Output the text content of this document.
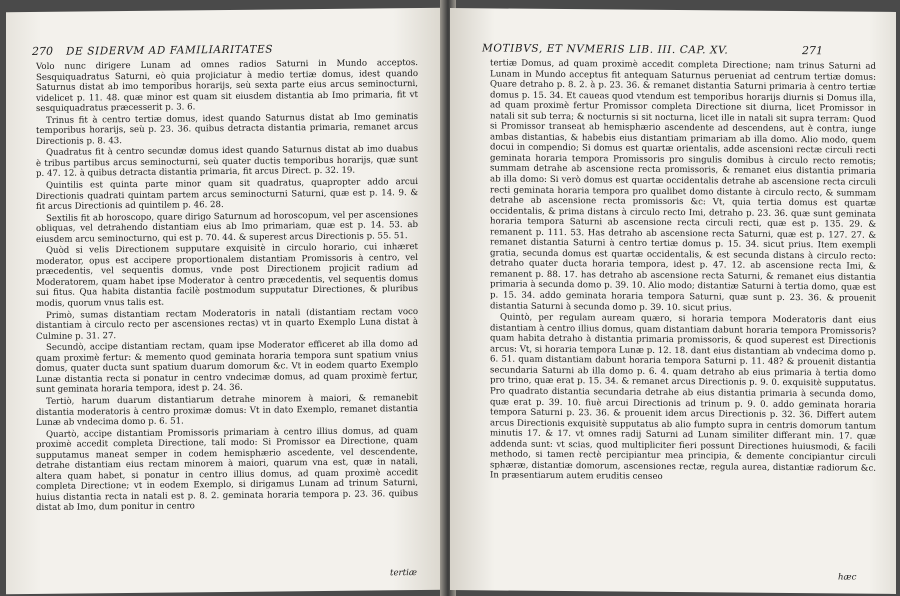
270 DE SIDERVM AD FAMILIARITATES

Volo nunc dirigere Lunam ad omnes radios Saturni in Mundo acceptos. Sesquiquadratus Saturni, eò quia projiciatur à medio tertiæ domus, idest quando Saturnus distat ab imo temporibus horarijs, seù sexta parte eius arcus seminocturni, videlicet p. 11. 48. quæ minor est quam sit eiusdem distantia ab Imo primaria, fit vt sesquiquadratus præcesserit p. 3. 6.

Trinus fit à centro tertiæ domus, idest quando Saturnus distat ab Imo geminatis temporibus horarijs, seù p. 23. 36. quibus detracta distantia primaria, remanet arcus Directionis p. 8. 43.

Quadratus fit à centro secundæ domus idest quando Saturnus distat ab imo duabus è tribus partibus arcus seminocturni, seù quater ductis temporibus horarijs, quæ sunt p. 47. 12. à quibus detracta distantia primaria, fit arcus Direct. p. 32. 19.

Quintilis est quinta parte minor quam sit quadratus, quapropter addo arcui Directionis quadrati quintam partem arcus seminocturni Saturni, quæ est p. 14. 9. & fit arcus Directionis ad quintilem p. 46. 28.

Sextilis fit ab horoscopo, quare dirigo Saturnum ad horoscopum, vel per ascensiones obliquas, vel detrahendo distantiam eius ab Imo primariam, quæ est p. 14. 53. ab eiusdem arcu seminocturno, qui est p. 70. 44. & superest arcus Directionis p. 55. 51.

Quòd si velis Directionem supputare exquisitè in circulo horario, cui inhæret moderator, opus est accipere proportionalem distantiam Promissoris à centro, vel præcedentis, vel sequentis domus, vnde post Directionem projicit radium ad Moderatorem, quam habet ipse Moderator à centro præcedentis, vel sequentis domus sui fitus. Qua habita distantia facilè postmodum supputatur Directiones, & pluribus modis, quorum vnus talis est.

Primò, sumas distantiam rectam Moderatoris in natali (distantiam rectam voco distantiam à circulo recto per ascensiones rectas) vt in quarto Exemplo Luna distat à Culmine p. 31. 27.

Secundò, accipe distantiam rectam, quam ipse Moderator efficeret ab illa domo ad quam proximè fertur: & memento quod geminata horaria tempora sunt spatium vnius domus, quater ducta sunt spatium duarum domorum &c. Vt in eodem quarto Exemplo Lunæ distantia recta si ponatur in centro vndecimæ domus, ad quam proximè fertur, sunt geminata horaria tempora, idest p. 24. 36.

Tertiò, harum duarum distantiarum detrahe minorem à maiori, & remanebit distantia moderatoris à centro proximæ domus: Vt in dato Exemplo, remanet distantia Lunæ ab vndecima domo p. 6. 51.

Quartò, accipe distantiam Promissoris primariam à centro illius domus, ad quam proximè accedit completa Directione, tali modo: Si Promissor ea Directione, quam supputamus maneat semper in codem hemisphærio ascedente, vel descendente, detrahe distantiam eius rectam minorem à maiori, quarum vna est, quæ in natali, altera quam habet, si ponatur in centro illius domus, ad quam proximè accedit completa Directione; vt in eodem Exemplo, si dirigamus Lunam ad trinum Saturni, huius distantia recta in natali est p. 8. 2. geminata horaria tempora p. 23. 36. quibus distat ab Imo, dum ponitur in centro

tertiæ
MOTIBVS, ET NVMERIS LIB. III. CAP. XV.	271

tertiæ Domus, ad quam proximè accedit completa Directione; nam trinus Saturni ad Lunam in Mundo acceptus fit antequam Saturnus perueniat ad centrum tertiæ domus: Quare detraho p. 8. 2. à p. 23. 36. & remanet distantia Saturni primaria à centro tertiæ domus p. 15. 34. Et caueas quod vtendum est temporibus horarijs diurnis si Domus illa, ad quam proximè fertur Promissor completa Directione sit diurna, licet Promissor in natali sit sub terra; & nocturnis si sit nocturna, licet ille in natali sit supra terram: Quod si Promissor transeat ab hemisphærio ascendente ad descendens, aut è contra, iunge ambas distantias, & habebis eius distantiam primariam ab illa domo. Alio modo, quem docui in compendio; Si domus est quartæ orientalis, adde ascensioni rectæ circuli recti geminata horaria tempora Promissoris pro singulis domibus à circulo recto remotis; summam detrahe ab ascensione recta promissoris, & remanet eius distantia primaria ab illa domo: Si verò domus est quartæ occidentalis detrahe ab ascensione recta circuli recti geminata horaria tempora pro qualibet domo distante à circulo recto, & summam detrahe ab ascensione recta promissoris &c: Vt, quia tertia domus est quartæ occidentalis, & prima distans à circulo recto Imi, detraho p. 23. 36. quæ sunt geminata horaria tempora Saturni ab ascensione recta circuli recti, quæ est p. 135. 29. & remanent p. 111. 53. Has detraho ab ascensione recta Saturni, quæ est p. 127. 27. & remanet distantia Saturni à centro tertiæ domus p. 15. 34. sicut prius. Item exempli gratia, secunda domus est quartæ occidentalis, & est secunda distans à circulo recto: detraho quater ducta horaria tempora, idest p. 47. 12. ab ascensione recta Imi, & remanent p. 88. 17. has detraho ab ascensione recta Saturni, & remanet eius distantia primaria à secunda domo p. 39. 10. Alio modo; distantiæ Saturni à tertia domo, quæ est p. 15. 34. addo geminata horaria tempora Saturni, quæ sunt p. 23. 36. & prouenit distantia Saturni à secunda domo p. 39. 10. sicut prius.

Quintò, per regulam auream quæro, si horaria tempora Moderatoris dant eius distantiam à centro illius domus, quam distantiam dabunt horaria tempora Promissoris? quam habita detraho à distantia primaria promissoris, & quod superest est Directionis arcus: Vt, si horaria tempora Lunæ p. 12. 18. dant eius distantiam ab vndecima domo p. 6. 51. quam distantiam dabunt horaria tempora Saturni p. 11. 48? & prouenit distantia secundaria Saturni ab illa domo p. 6. 4. quam detraho ab eius primaria à tertia domo pro trino, quæ erat p. 15. 34. & remanet arcus Directionis p. 9. 0. exquisitè supputatus. Pro quadrato distantia secundaria detrahe ab eius distantia primaria à secunda domo, quæ erat p. 39. 10. fiuè arcui Directionis ad trinum p. 9. 0. addo geminata horaria tempora Saturni p. 23. 36. & prouenit idem arcus Directionis p. 32. 36. Differt autem arcus Directionis exquisitè supputatus ab alio fumpto supra in centris domorum tantum minutis 17. & 17. vt omnes radij Saturni ad Lunam similiter differant min. 17. quæ addenda sunt: vt scias, quod multipliciter fieri possunt Directiones huiusmodi, & facili methodo, si tamen rectè percipiantur mea principia, & demente concipiantur circuli sphæræ, distantiæ domorum, ascensiones rectæ, regula aurea, distantiæ radiorum &c. In præsentiarum autem eruditis censeo

hæc
